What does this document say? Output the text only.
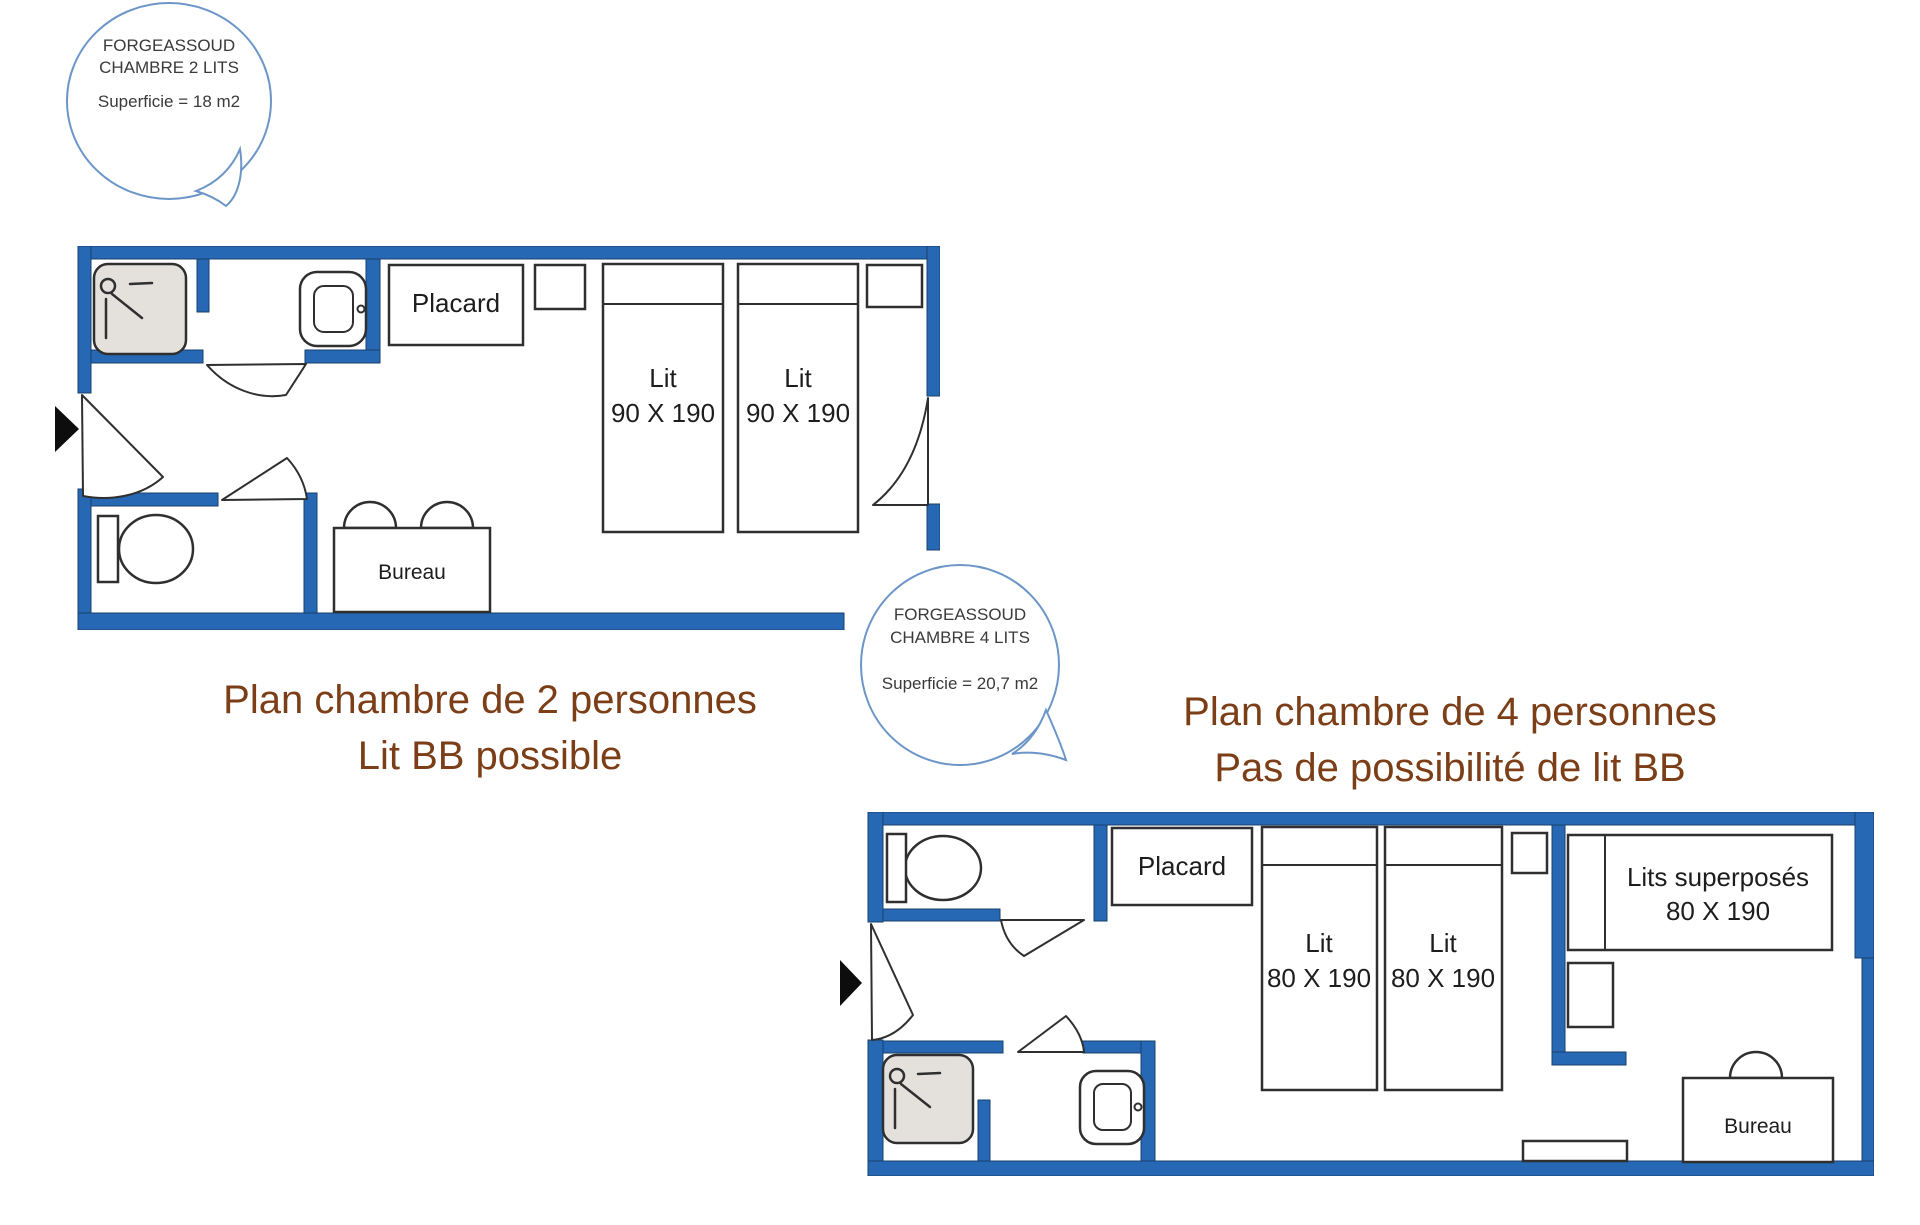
FORGEASSOUD
CHAMBRE 2 LITS
Superficie = 18 m2
FORGEASSOUD
CHAMBRE 4 LITS
Superficie = 20,7 m2
Placard
Lit
90 X 190
Lit
90 X 190
Bureau
Plan chambre de 2 personnes
Lit BB possible
Plan chambre de 4 personnes
Pas de possibilité de lit BB
Placard
Lit
80 X 190
Lit
80 X 190
Lits superposés
80 X 190
Bureau
